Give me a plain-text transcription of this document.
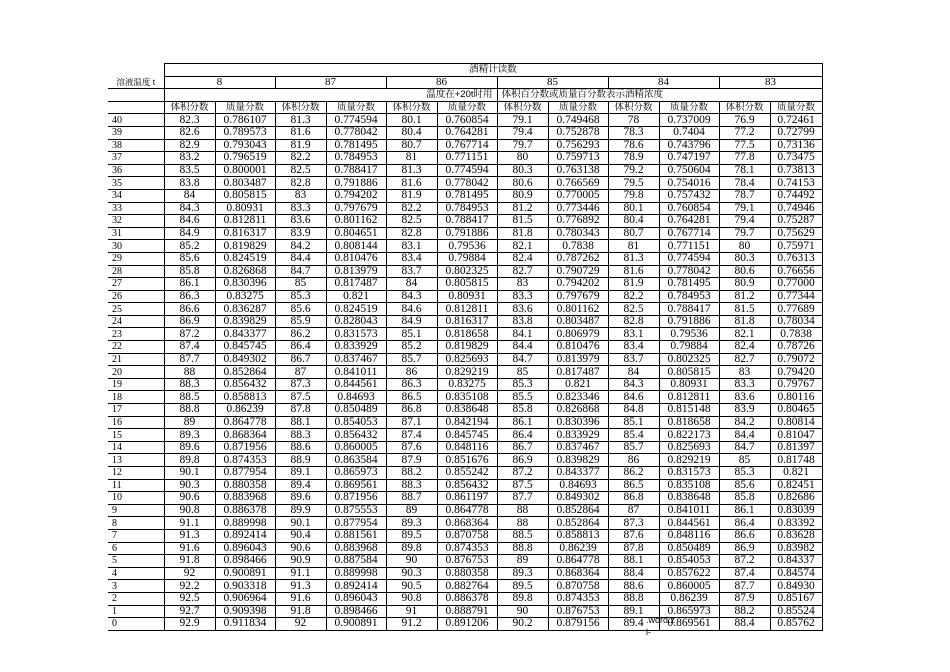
	酒精计读数											
溶液温度 t	8		87		86		85		84		83	
	温度在+20t时用						体积百分数或质量百分数表示酒精浓度					
	体积分数	质量分数	体积分数	质量分数	体积分数	质量分数	体积分数	质量分数	体积分数	质量分数	体积分数	质量分数
40	82.3	0.786107	81.3	0.774594	80.1	0.760854	79.1	0.749468	78	0.737009	76.9	0.72461
39	82.6	0.789573	81.6	0.778042	80.4	0.764281	79.4	0.752878	78.3	0.7404	77.2	0.72799
38	82.9	0.793043	81.9	0.781495	80.7	0.767714	79.7	0.756293	78.6	0.743796	77.5	0.73136
37	83.2	0.796519	82.2	0.784953	81	0.771151	80	0.759713	78.9	0.747197	77.8	0.73475
36	83.5	0.800001	82.5	0.788417	81.3	0.774594	80.3	0.763138	79.2	0.750604	78.1	0.73813
35	83.8	0.803487	82.8	0.791886	81.6	0.778042	80.6	0.766569	79.5	0.754016	78.4	0.74153
34	84	0.805815	83	0.794202	81.9	0.781495	80.9	0.770005	79.8	0.757432	78.7	0.74492
33	84.3	0.80931	83.3	0.797679	82.2	0.784953	81.2	0.773446	80.1	0.760854	79.1	0.74946
32	84.6	0.812811	83.6	0.801162	82.5	0.788417	81.5	0.776892	80.4	0.764281	79.4	0.75287
31	84.9	0.816317	83.9	0.804651	82.8	0.791886	81.8	0.780343	80.7	0.767714	79.7	0.75629
30	85.2	0.819829	84.2	0.808144	83.1	0.79536	82.1	0.7838	81	0.771151	80	0.75971
29	85.6	0.824519	84.4	0.810476	83.4	0.79884	82.4	0.787262	81.3	0.774594	80.3	0.76313
28	85.8	0.826868	84.7	0.813979	83.7	0.802325	82.7	0.790729	81.6	0.778042	80.6	0.76656
27	86.1	0.830396	85	0.817487	84	0.805815	83	0.794202	81.9	0.781495	80.9	0.77000
26	86.3	0.83275	85.3	0.821	84.3	0.80931	83.3	0.797679	82.2	0.784953	81.2	0.77344
25	86.6	0.836287	85.6	0.824519	84.6	0.812811	83.6	0.801162	82.5	0.788417	81.5	0.77689
24	86.9	0.839829	85.9	0.828043	84.9	0.816317	83.8	0.803487	82.8	0.791886	81.8	0.78034
23	87.2	0.843377	86.2	0.831573	85.1	0.818658	84.1	0.806979	83.1	0.79536	82.1	0.7838
22	87.4	0.845745	86.4	0.833929	85.2	0.819829	84.4	0.810476	83.4	0.79884	82.4	0.78726
21	87.7	0.849302	86.7	0.837467	85.7	0.825693	84.7	0.813979	83.7	0.802325	82.7	0.79072
20	88	0.852864	87	0.841011	86	0.829219	85	0.817487	84	0.805815	83	0.79420
19	88.3	0.856432	87.3	0.844561	86.3	0.83275	85.3	0.821	84.3	0.80931	83.3	0.79767
18	88.5	0.858813	87.5	0.84693	86.5	0.835108	85.5	0.823346	84.6	0.812811	83.6	0.80116
17	88.8	0.86239	87.8	0.850489	86.8	0.838648	85.8	0.826868	84.8	0.815148	83.9	0.80465
16	89	0.864778	88.1	0.854053	87.1	0.842194	86.1	0.830396	85.1	0.818658	84.2	0.80814
15	89.3	0.868364	88.3	0.856432	87.4	0.845745	86.4	0.833929	85.4	0.822173	84.4	0.81047
14	89.6	0.871956	88.6	0.860005	87.6	0.848116	86.7	0.837467	85.7	0.825693	84.7	0.81397
13	89.8	0.874353	88.9	0.863584	87.9	0.851676	86.9	0.839829	86	0.829219	85	0.81748
12	90.1	0.877954	89.1	0.865973	88.2	0.855242	87.2	0.843377	86.2	0.831573	85.3	0.821
11	90.3	0.880358	89.4	0.869561	88.3	0.856432	87.5	0.84693	86.5	0.835108	85.6	0.82451
10	90.6	0.883968	89.6	0.871956	88.7	0.861197	87.7	0.849302	86.8	0.838648	85.8	0.82686
9	90.8	0.886378	89.9	0.875553	89	0.864778	88	0.852864	87	0.841011	86.1	0.83039
8	91.1	0.889998	90.1	0.877954	89.3	0.868364	88	0.852864	87.3	0.844561	86.4	0.83392
7	91.3	0.892414	90.4	0.881561	89.5	0.870758	88.5	0.858813	87.6	0.848116	86.6	0.83628
6	91.6	0.896043	90.6	0.883968	89.8	0.874353	88.8	0.86239	87.8	0.850489	86.9	0.83982
5	91.8	0.898466	90.9	0.887584	90	0.876753	89	0.864778	88.1	0.854053	87.2	0.84337
4	92	0.900891	91.1	0.889998	90.3	0.880358	89.3	0.868364	88.4	0.857622	87.4	0.84574
3	92.2	0.903318	91.3	0.892414	90.5	0.882764	89.5	0.870758	88.6	0.860005	87.7	0.84930
2	92.5	0.906964	91.6	0.896043	90.8	0.886378	89.8	0.874353	88.8	0.86239	87.9	0.85167
1	92.7	0.909398	91.8	0.898466	91	0.888791	90	0.876753	89.1	0.865973	88.2	0.85524
0	92.9	0.911834	92	0.900891	91.2	0.891206	90.2	0.879156	89.4	0.869561	88.4	0.85762
.word.z
l-
